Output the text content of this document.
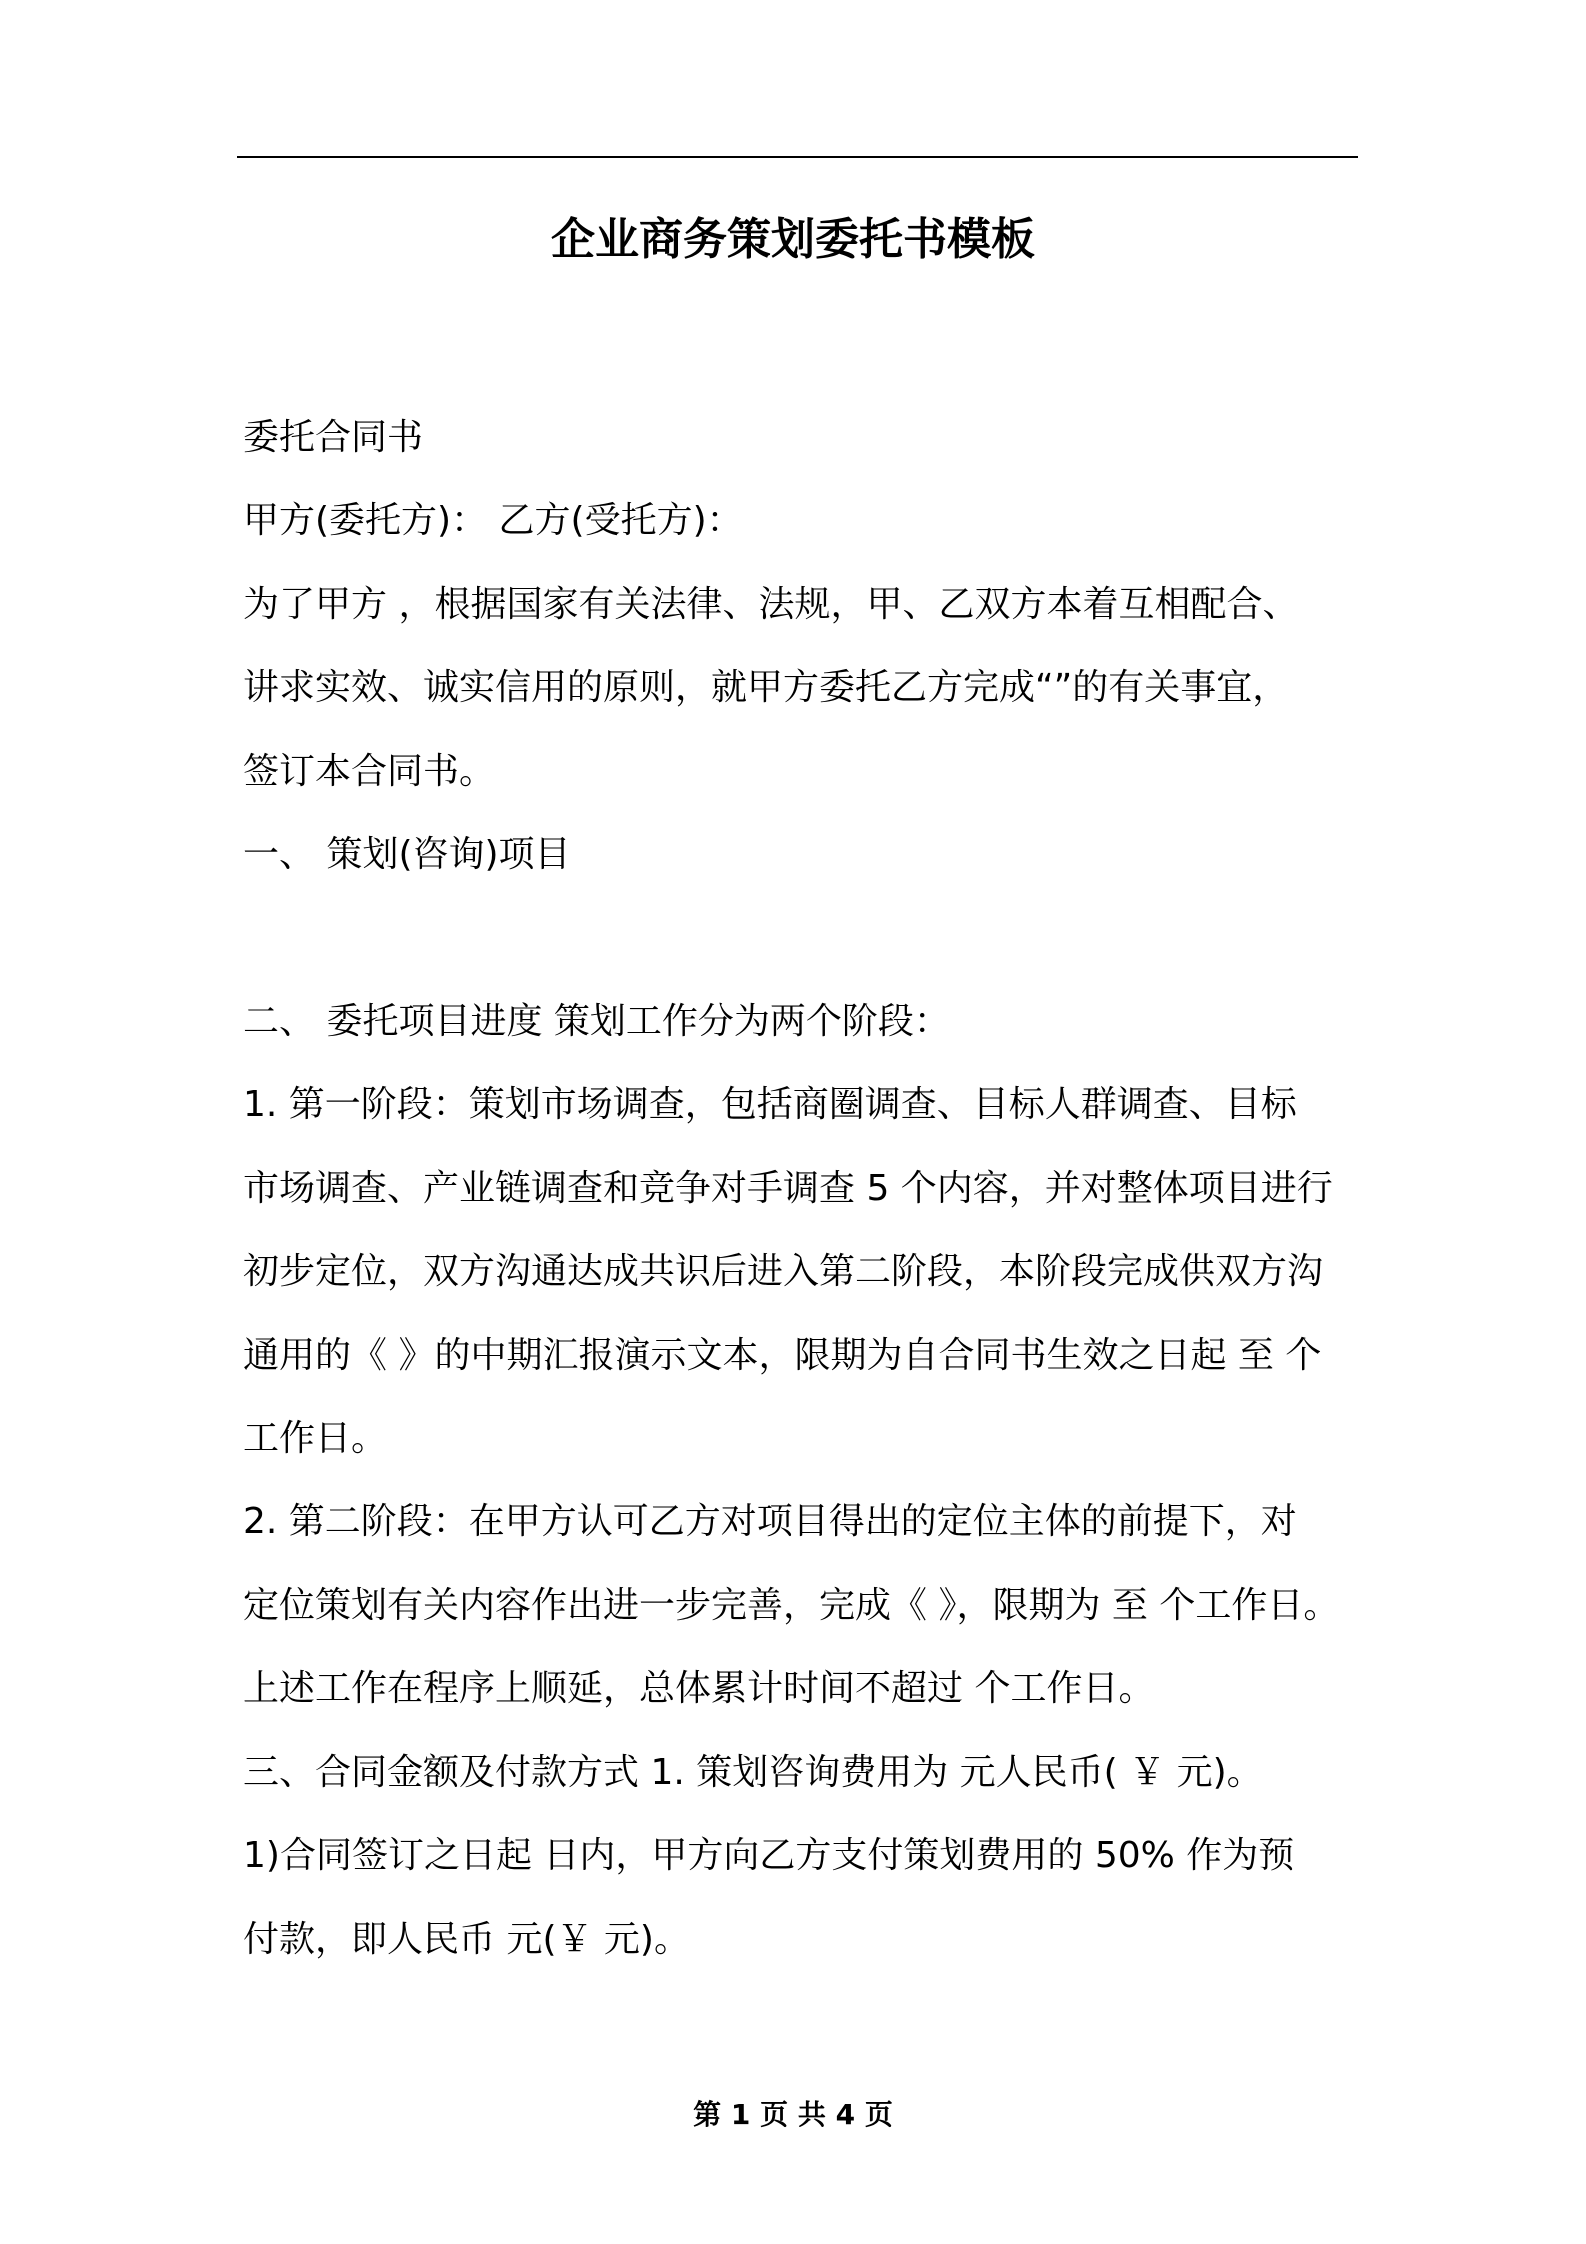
企业商务策划委托书模板
委托合同书
甲方(委托方)： 乙方(受托方)：
为了甲方 ，根据国家有关法律、法规，甲、乙双方本着互相配合、
讲求实效、诚实信用的原则，就甲方委托乙方完成“”的有关事宜，
签订本合同书。
一、 策划(咨询)项目
二、 委托项目进度 策划工作分为两个阶段：
1. 第一阶段：策划市场调查，包括商圈调查、目标人群调查、目标
市场调查、产业链调查和竞争对手调查 5 个内容，并对整体项目进行
初步定位，双方沟通达成共识后进入第二阶段，本阶段完成供双方沟
通用的《 》的中期汇报演示文本，限期为自合同书生效之日起 至 个
工作日。
2. 第二阶段：在甲方认可乙方对项目得出的定位主体的前提下，对
定位策划有关内容作出进一步完善，完成《 》，限期为 至 个工作日。
上述工作在程序上顺延，总体累计时间不超过 个工作日。
三、合同金额及付款方式 1. 策划咨询费用为 元人民币( ￥ 元)。
1)合同签订之日起 日内，甲方向乙方支付策划费用的 50% 作为预
付款，即人民币 元(￥ 元)。
第 1 页 共 4 页
